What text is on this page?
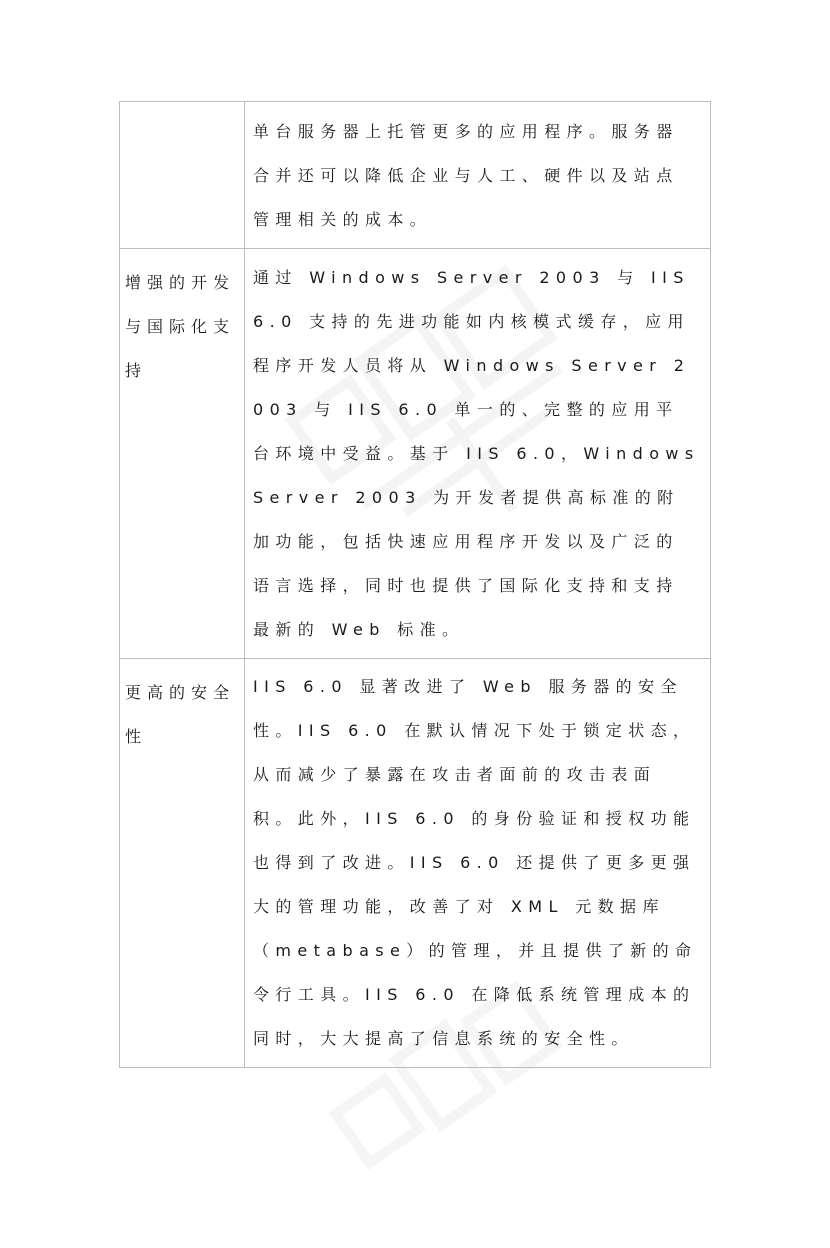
	单台服务器上托管更多的应用程序。服务器合并还可以降低企业与人工、硬件以及站点管理相关的成本。

增强的开发与国际化支持	通过 Windows Server 2003 与 IIS 6.0 支持的先进功能如内核模式缓存，应用程序开发人员将从 Windows Server 2003 与 IIS 6.0 单一的、完整的应用平台环境中受益。基于 IIS 6.0，Windows Server 2003 为开发者提供高标准的附加功能，包括快速应用程序开发以及广泛的语言选择，同时也提供了国际化支持和支持最新的 Web 标准。

更高的安全性	IIS 6.0 显著改进了 Web 服务器的安全性。IIS 6.0 在默认情况下处于锁定状态，从而减少了暴露在攻击者面前的攻击表面积。此外，IIS 6.0 的身份验证和授权功能也得到了改进。IIS 6.0 还提供了更多更强大的管理功能，改善了对 XML 元数据库（metabase）的管理，并且提供了新的命令行工具。IIS 6.0 在降低系统管理成本的同时，大大提高了信息系统的安全性。
